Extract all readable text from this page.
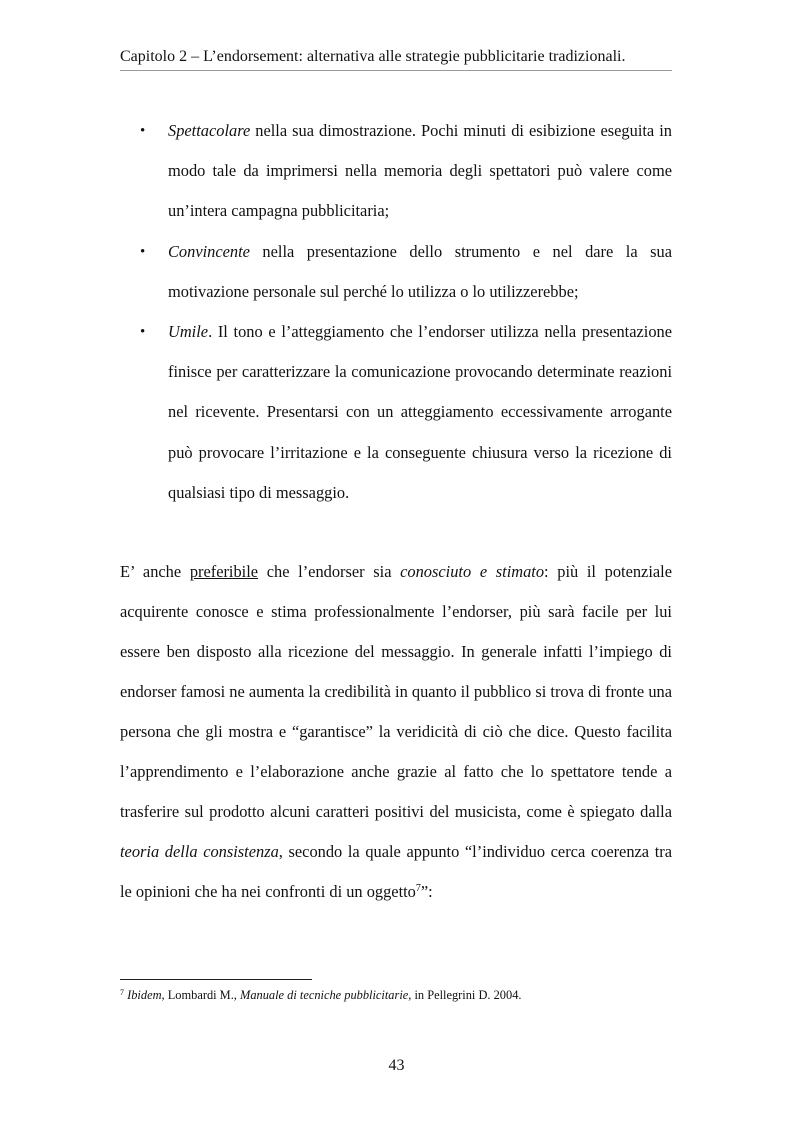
Capitolo 2 – L’endorsement: alternativa alle strategie pubblicitarie tradizionali.
• Spettacolare nella sua dimostrazione. Pochi minuti di esibizione eseguita in modo tale da imprimersi nella memoria degli spettatori può valere come un’intera campagna pubblicitaria;
• Convincente nella presentazione dello strumento e nel dare la sua motivazione personale sul perché lo utilizza o lo utilizzerebbe;
• Umile. Il tono e l’atteggiamento che l’endorser utilizza nella presentazione finisce per caratterizzare la comunicazione provocando determinate reazioni nel ricevente. Presentarsi con un atteggiamento eccessivamente arrogante può provocare l’irritazione e la conseguente chiusura verso la ricezione di qualsiasi tipo di messaggio.

E’ anche preferibile che l’endorser sia conosciuto e stimato: più il potenziale acquirente conosce e stima professionalmente l’endorser, più sarà facile per lui essere ben disposto alla ricezione del messaggio. In generale infatti l’impiego di endorser famosi ne aumenta la credibilità in quanto il pubblico si trova di fronte una persona che gli mostra e “garantisce” la veridicità di ciò che dice. Questo facilita l’apprendimento e l’elaborazione anche grazie al fatto che lo spettatore tende a trasferire sul prodotto alcuni caratteri positivi del musicista, come è spiegato dalla teoria della consistenza, secondo la quale appunto “l’individuo cerca coerenza tra le opinioni che ha nei confronti di un oggetto$^7$”:

$^7$ Ibidem, Lombardi M., Manuale di tecniche pubblicitarie, in Pellegrini D. 2004.
43
